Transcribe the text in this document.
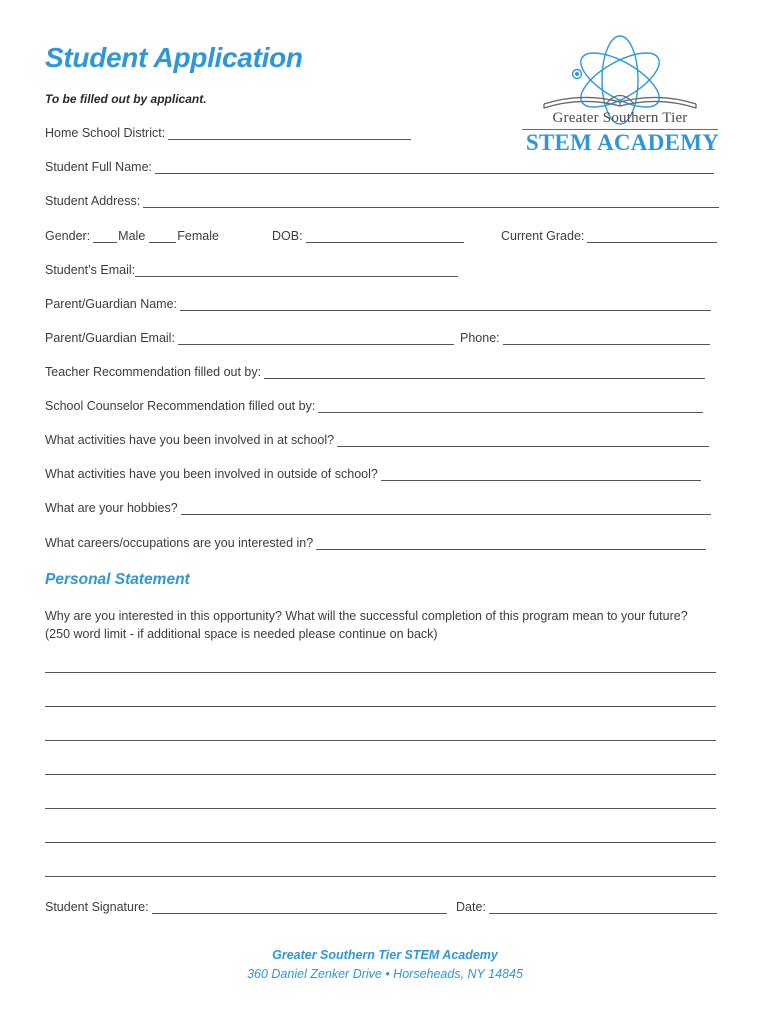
Student Application
To be filled out by applicant.
Greater Southern Tier
STEM ACADEMY
Home School District:
Student Full Name:
Student Address:
Gender: Male	Female	DOB:	Current Grade:
Student’s Email:
Parent/Guardian Name:
Parent/Guardian Email:	Phone:
Teacher Recommendation filled out by:
School Counselor Recommendation filled out by:
What activities have you been involved in at school?
What activities have you been involved in outside of school?
What are your hobbies?
What careers/occupations are you interested in?
Personal Statement
Why are you interested in this opportunity? What will the successful completion of this program mean to your future?
(250 word limit - if additional space is needed please continue on back)
Student Signature:	Date:
Greater Southern Tier STEM Academy
360 Daniel Zenker Drive • Horseheads, NY 14845
